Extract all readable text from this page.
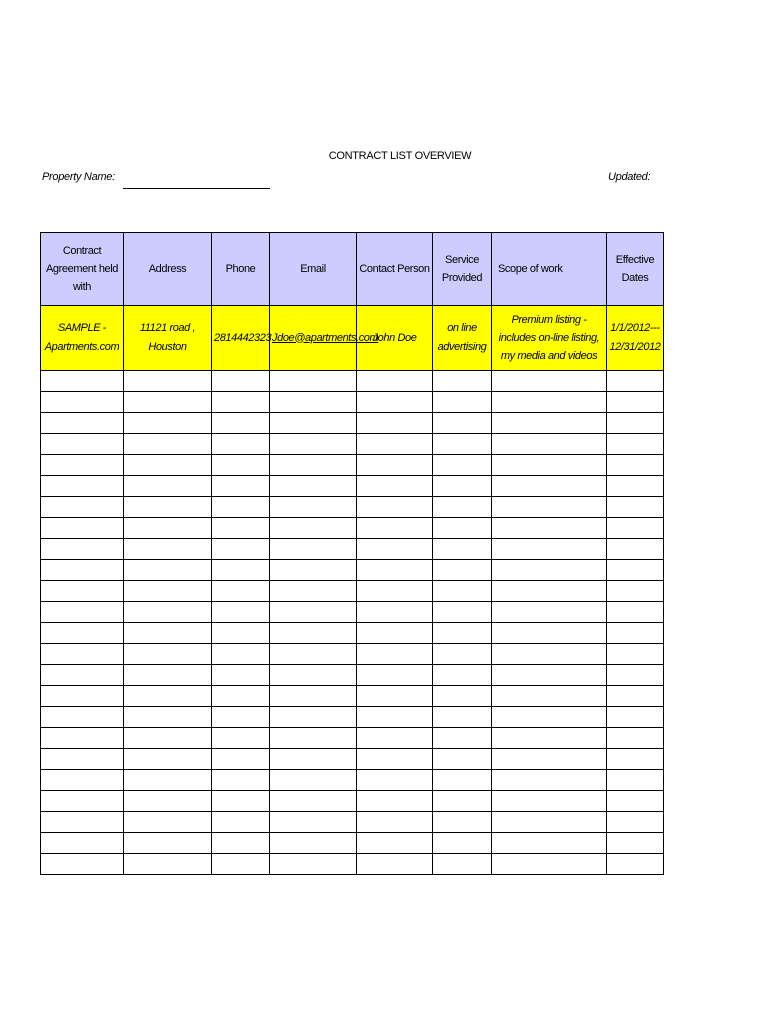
CONTRACT LIST OVERVIEW
Property Name:	Updated:
Contract Agreement held with	Address	Phone	Email	Contact Person	Service Provided	Scope of work	Effective Dates
SAMPLE - Apartments.com	11121 road , Houston	2814442323	Jdoe@apartments.com	John Doe	on line advertising	Premium listing - includes on-line listing, my media and videos	1/1/2012--- 12/31/2012
